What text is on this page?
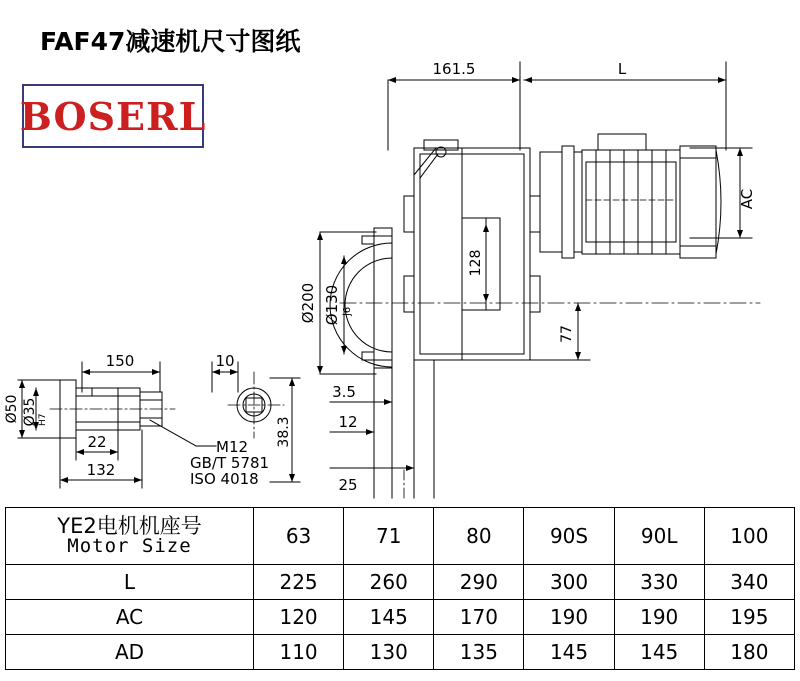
FAF47减速机尺寸图纸
BOSERL
161.5	L
AC
Ø200 Ø130 j6
128
77
3.5
12
25
150	10
22
132
Ø50 Ø35 H7	38.3
M12
GB/T 5781
ISO 4018
YE2电机机座号
Motor Size	63	71	80	90S	90L	100
L	225	260	290	300	330	340
AC	120	145	170	190	190	195
AD	110	130	135	145	145	180
